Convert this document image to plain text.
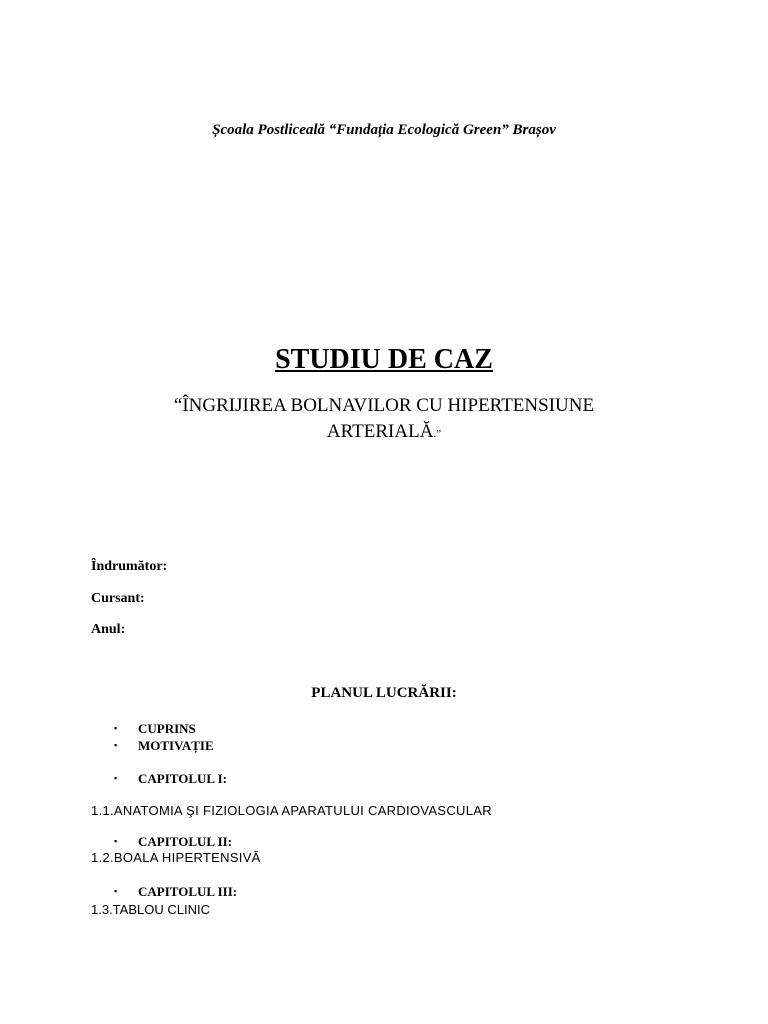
Școala Postliceală “Fundația Ecologică Green” Brașov
STUDIU DE CAZ
“ÎNGRIJIREA BOLNAVILOR CU HIPERTENSIUNE
ARTERIALĂ.”
Îndrumător:
Cursant:
Anul:
PLANUL LUCRĂRII:
▪ CUPRINS
▪ MOTIVAȚIE
▪ CAPITOLUL I:
1.1.ANATOMIA ŞI FIZIOLOGIA APARATULUI CARDIOVASCULAR
▪ CAPITOLUL II:
1.2.BOALA HIPERTENSIVĂ
▪ CAPITOLUL III:
1.3.TABLOU CLINIC
